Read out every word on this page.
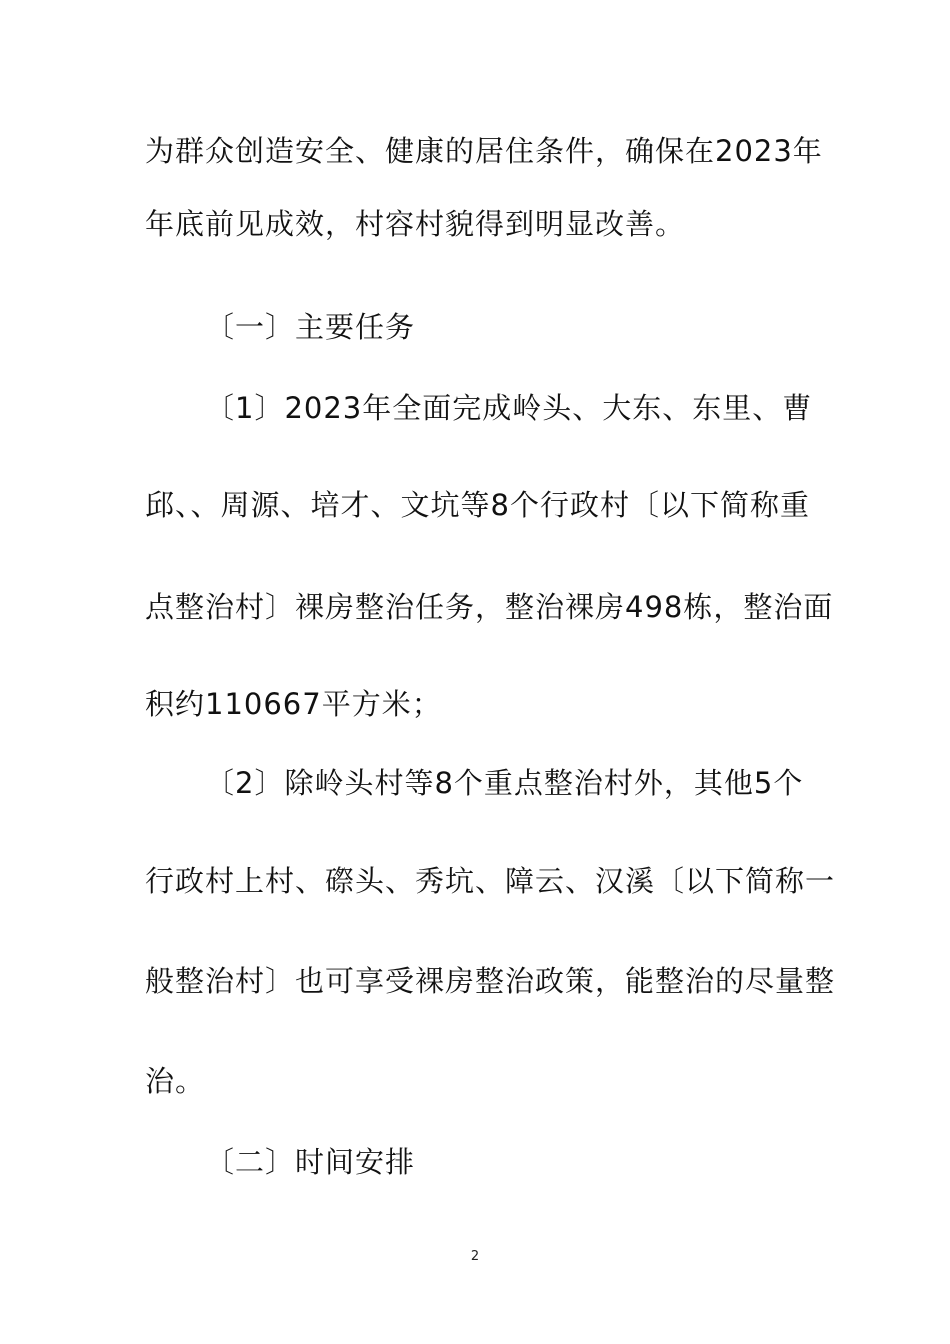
为群众创造安全、健康的居住条件，确保在2023年
年底前见成效，村容村貌得到明显改善。
〔一〕主要任务
〔1〕2023年全面完成岭头、大东、东里、曹
邱、、周源、培才、文坑等8个行政村〔以下简称重
点整治村〕裸房整治任务，整治裸房498栋，整治面
积约110667平方米；
〔2〕除岭头村等8个重点整治村外，其他5个
行政村上村、磜头、秀坑、障云、汉溪〔以下简称一
般整治村〕也可享受裸房整治政策，能整治的尽量整
治。
〔二〕时间安排
2
